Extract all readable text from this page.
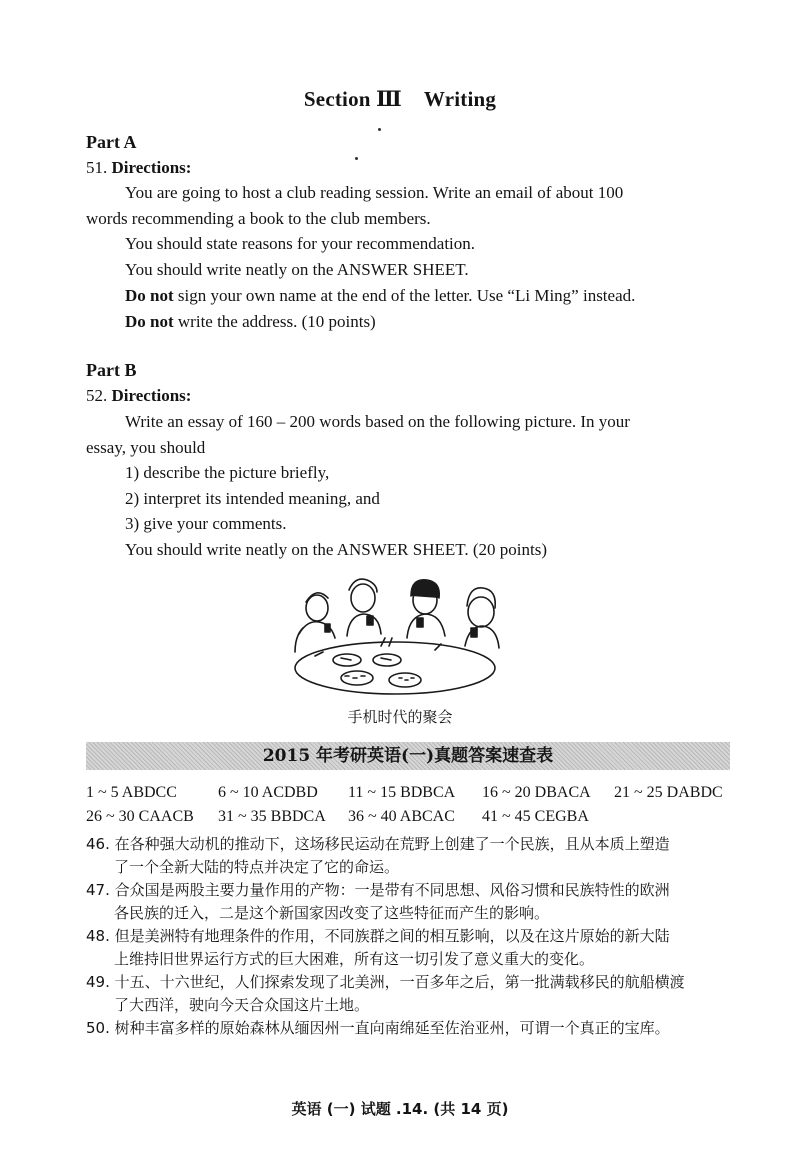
Section Ⅲ Writing
Part A
51. Directions:
You are going to host a club reading session. Write an email of about 100
words recommending a book to the club members.
You should state reasons for your recommendation.
You should write neatly on the ANSWER SHEET.
Do not sign your own name at the end of the letter. Use “Li Ming” instead.
Do not write the address. (10 points)
Part B
52. Directions:
Write an essay of 160 – 200 words based on the following picture. In your
essay, you should
1) describe the picture briefly,
2) interpret its intended meaning, and
3) give your comments.
You should write neatly on the ANSWER SHEET. (20 points)
手机时代的聚会
2015 年考研英语(一)真题答案速查表
1 ~ 5 ABDCC	6 ~ 10 ACDBD 11 ~ 15 BDBCA 16 ~ 20 DBACA 21 ~ 25 DABDC
26 ~ 30 CAACB 31 ~ 35 BBDCA 36 ~ 40 ABCAC 41 ~ 45 CEGBA
46. 在各种强大动机的推动下，这场移民运动在荒野上创建了一个民族，且从本质上塑造
了一个全新大陆的特点并决定了它的命运。
47. 合众国是两股主要力量作用的产物：一是带有不同思想、风俗习惯和民族特性的欧洲
各民族的迁入，二是这个新国家因改变了这些特征而产生的影响。
48. 但是美洲特有地理条件的作用，不同族群之间的相互影响，以及在这片原始的新大陆
上维持旧世界运行方式的巨大困难，所有这一切引发了意义重大的变化。
49. 十五、十六世纪，人们探索发现了北美洲，一百多年之后，第一批满载移民的航船横渡
了大西洋，驶向今天合众国这片土地。
50. 树种丰富多样的原始森林从缅因州一直向南绵延至佐治亚州，可谓一个真正的宝库。
英语 (一) 试题 .14. (共 14 页)
